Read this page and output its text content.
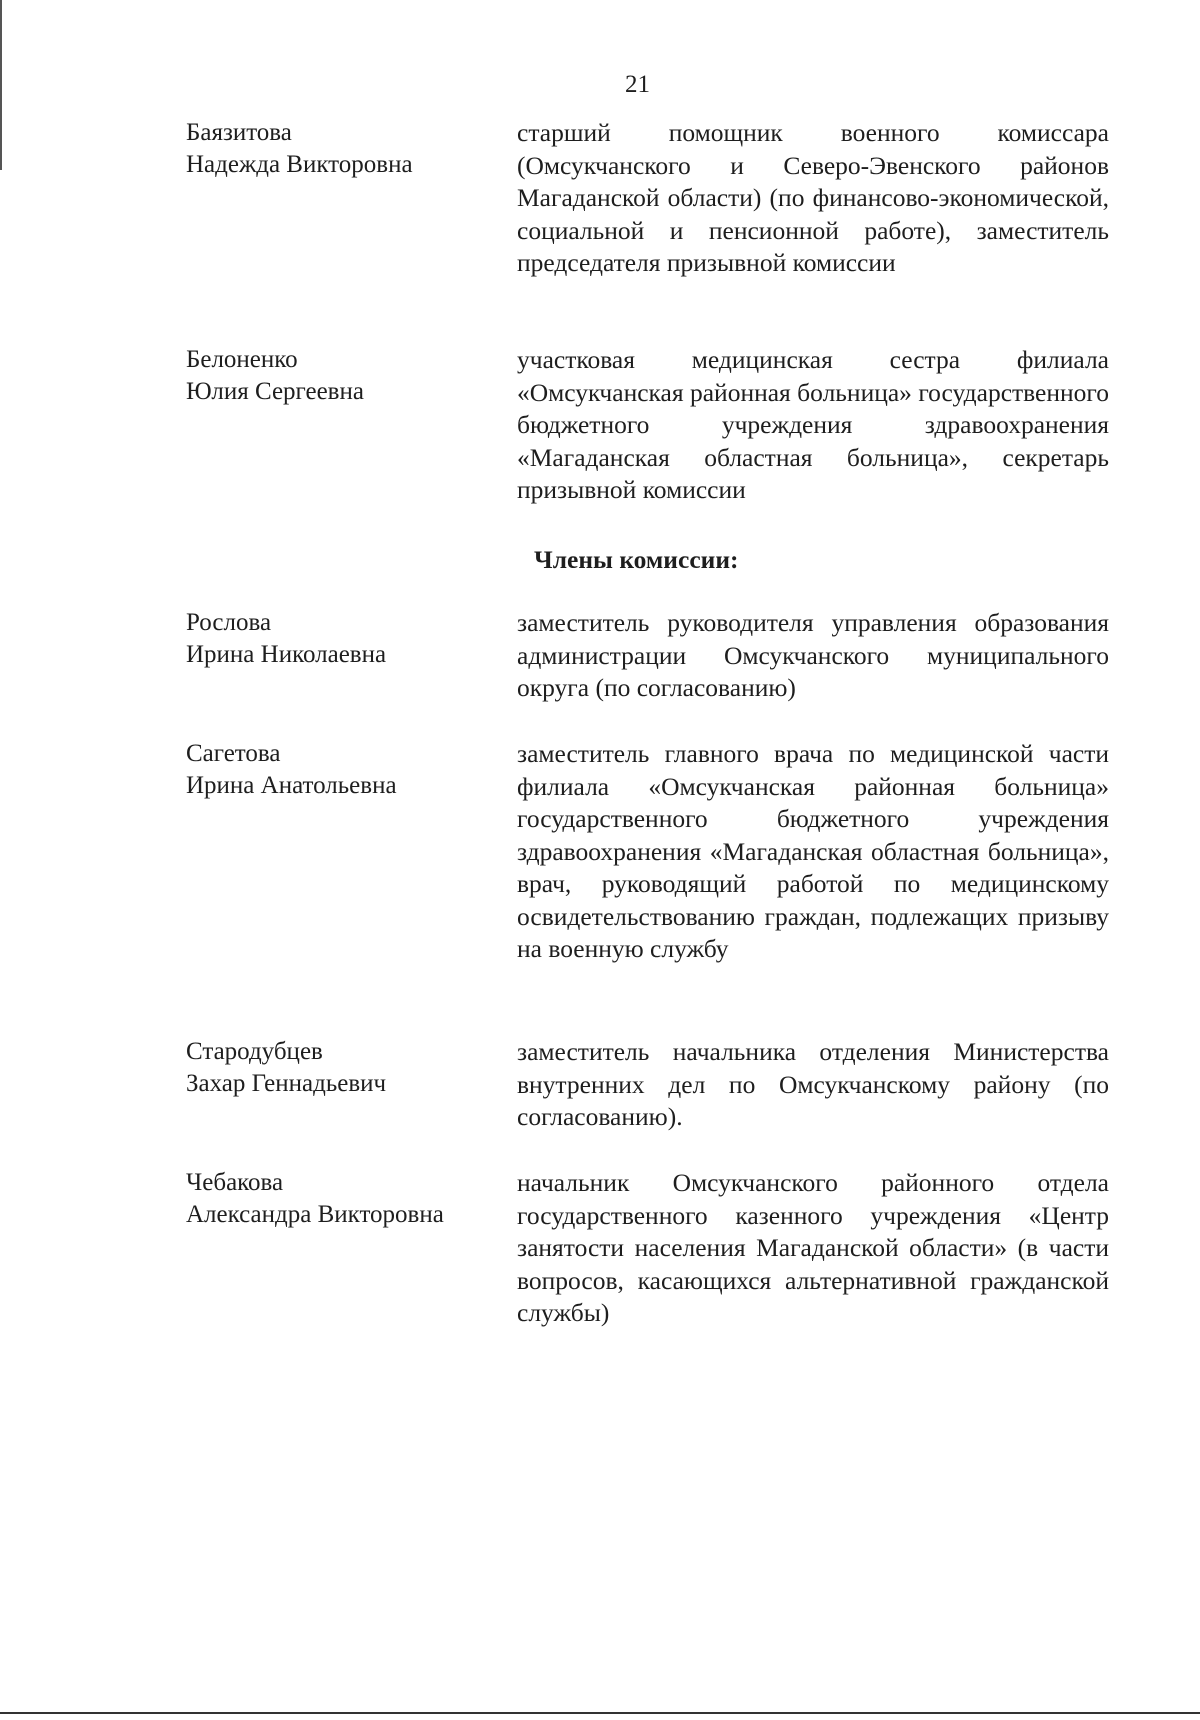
21
Баязитова
Надежда Викторовна
старший помощник военного комиссара (Омсукчанского и Северо-Эвенского районов Магаданской области) (по финансово-экономической, социальной и пенсионной работе), заместитель председателя призывной комиссии
Белоненко
Юлия Сергеевна
участковая медицинская сестра филиала «Омсукчанская районная больница» государственного бюджетного учреждения здравоохранения «Магаданская областная больница», секретарь призывной комиссии
Члены комиссии:
Рослова
Ирина Николаевна
заместитель руководителя управления образования администрации Омсукчанского муниципального округа (по согласованию)
Сагетова
Ирина Анатольевна
заместитель главного врача по медицинской части филиала «Омсукчанская районная больница» государственного бюджетного учреждения здравоохранения «Магаданская областная больница», врач, руководящий работой по медицинскому освидетельствованию граждан, подлежащих призыву на военную службу
Стародубцев
Захар Геннадьевич
заместитель начальника отделения Министерства внутренних дел по Омсукчанскому району (по согласованию).
Чебакова
Александра Викторовна
начальник Омсукчанского районного отдела государственного казенного учреждения «Центр занятости населения Магаданской области» (в части вопросов, касающихся альтернативной гражданской службы)
